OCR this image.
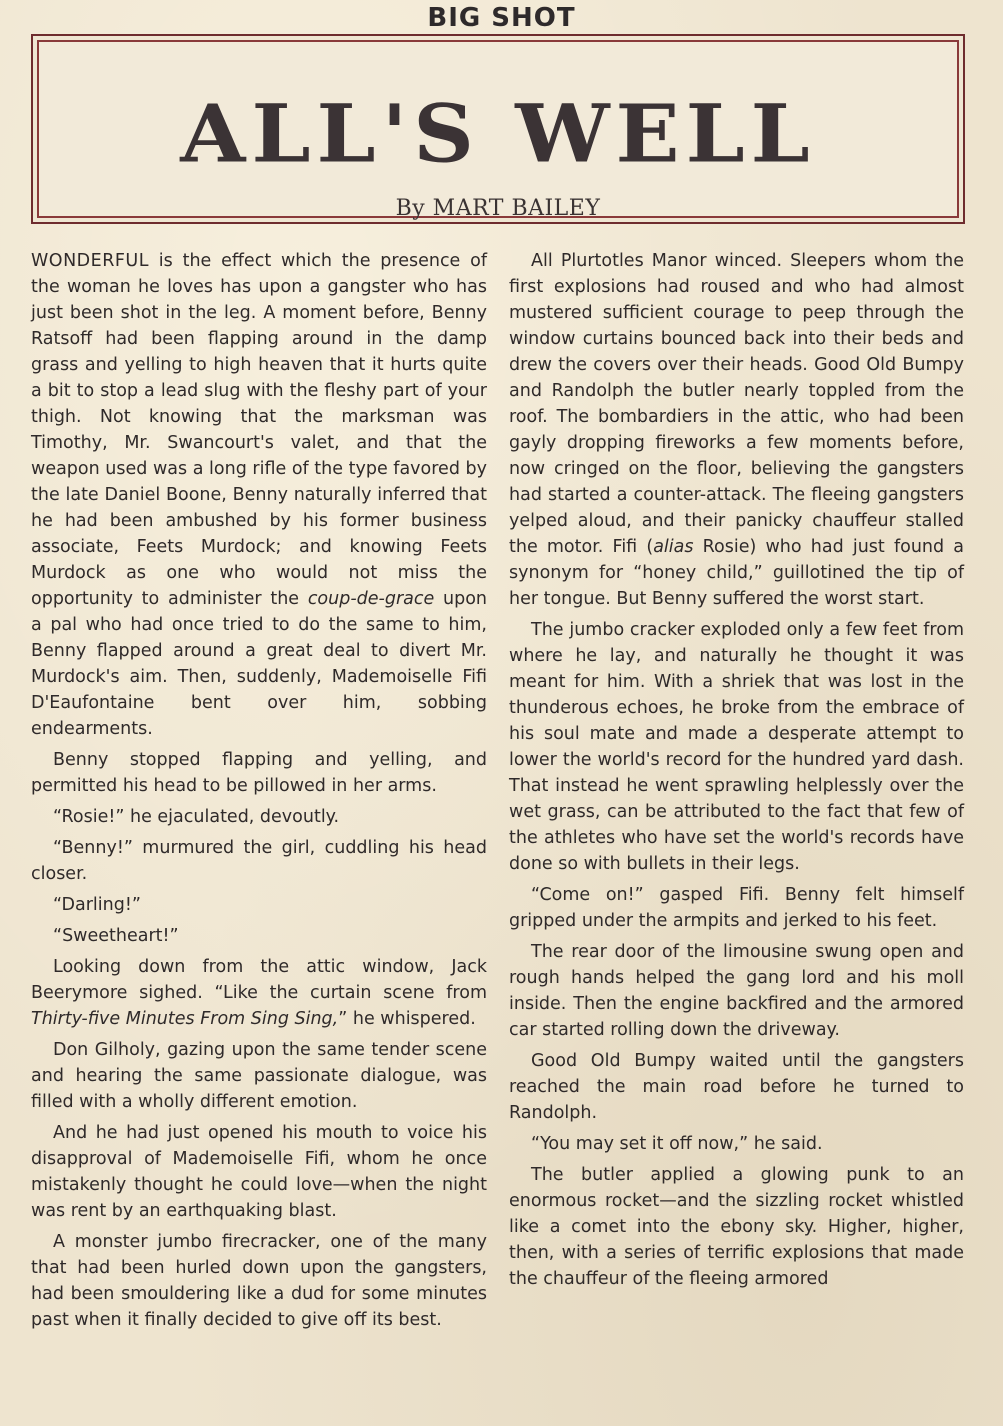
BIG SHOT
ALL'S WELL
By MART BAILEY

WONDERFUL is the effect which the presence of the woman he loves has upon a gangster who has just been shot in the leg. A moment before, Benny Ratsoff had been flapping around in the damp grass and yelling to high heaven that it hurts quite a bit to stop a lead slug with the fleshy part of your thigh. Not knowing that the marksman was Timothy, Mr. Swancourt's valet, and that the weapon used was a long rifle of the type favored by the late Daniel Boone, Benny naturally inferred that he had been ambushed by his former business associate, Feets Murdock; and knowing Feets Murdock as one who would not miss the opportunity to administer the coup-de-grace upon a pal who had once tried to do the same to him, Benny flapped around a great deal to divert Mr. Murdock's aim. Then, suddenly, Mademoiselle Fifi D'Eaufontaine bent over him, sobbing endearments.

Benny stopped flapping and yelling, and permitted his head to be pillowed in her arms.

“Rosie!” he ejaculated, devoutly.

“Benny!” murmured the girl, cuddling his head closer.

“Darling!”

“Sweetheart!”

Looking down from the attic window, Jack Beerymore sighed. “Like the curtain scene from Thirty-five Minutes From Sing Sing,” he whispered.

Don Gilholy, gazing upon the same tender scene and hearing the same passionate dialogue, was filled with a wholly different emotion.

And he had just opened his mouth to voice his disapproval of Mademoiselle Fifi, whom he once mistakenly thought he could love—when the night was rent by an earthquaking blast.

A monster jumbo firecracker, one of the many that had been hurled down upon the gangsters, had been smouldering like a dud for some minutes past when it finally decided to give off its best.

All Plurtotles Manor winced. Sleepers whom the first explosions had roused and who had almost mustered sufficient courage to peep through the window curtains bounced back into their beds and drew the covers over their heads. Good Old Bumpy and Randolph the butler nearly toppled from the roof. The bombardiers in the attic, who had been gayly dropping fireworks a few moments before, now cringed on the floor, believing the gangsters had started a counter-attack. The fleeing gangsters yelped aloud, and their panicky chauffeur stalled the motor. Fifi (alias Rosie) who had just found a synonym for “honey child,” guillotined the tip of her tongue. But Benny suffered the worst start.

The jumbo cracker exploded only a few feet from where he lay, and naturally he thought it was meant for him. With a shriek that was lost in the thunderous echoes, he broke from the embrace of his soul mate and made a desperate attempt to lower the world's record for the hundred yard dash. That instead he went sprawling helplessly over the wet grass, can be attributed to the fact that few of the athletes who have set the world's records have done so with bullets in their legs.

“Come on!” gasped Fifi. Benny felt himself gripped under the armpits and jerked to his feet.

The rear door of the limousine swung open and rough hands helped the gang lord and his moll inside. Then the engine backfired and the armored car started rolling down the driveway.

Good Old Bumpy waited until the gangsters reached the main road before he turned to Randolph.

“You may set it off now,” he said.

The butler applied a glowing punk to an enormous rocket—and the sizzling rocket whistled like a comet into the ebony sky. Higher, higher, then, with a series of terrific explosions that made the chauffeur of the fleeing armored
